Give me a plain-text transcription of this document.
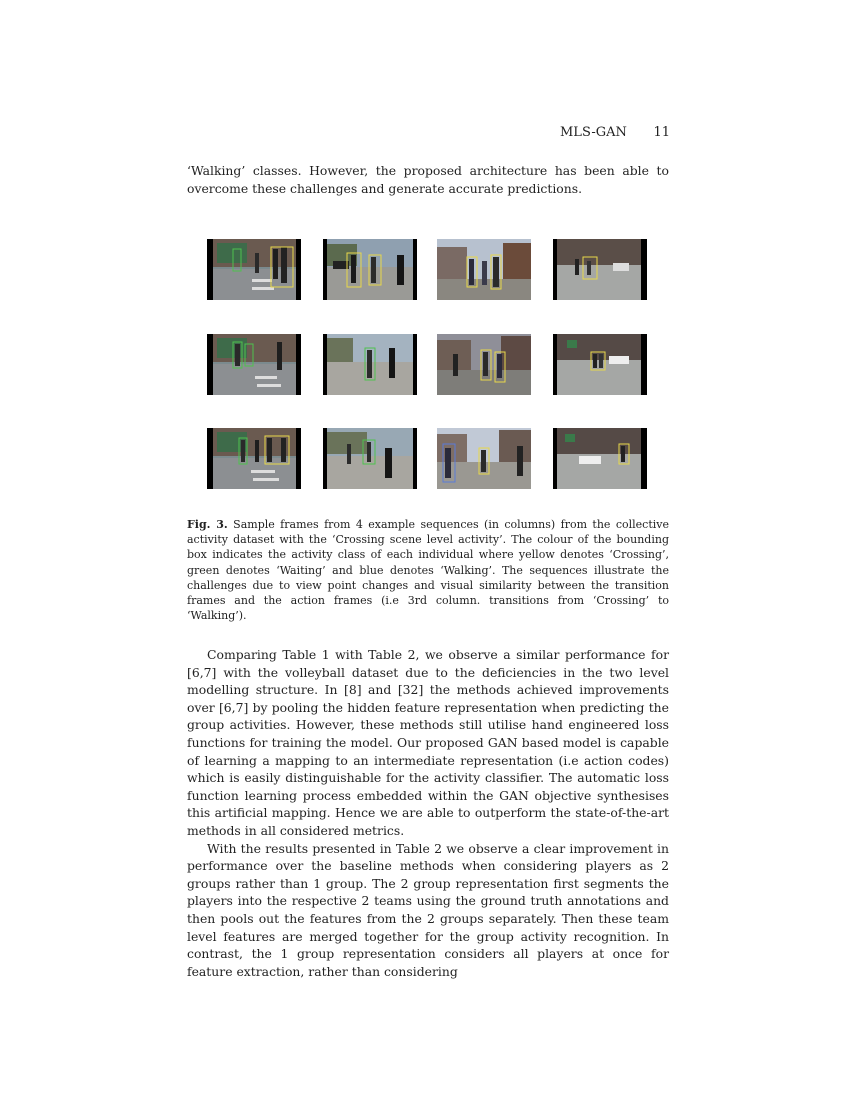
MLS-GAN 11
‘Walking’ classes. However, the proposed architecture has been able to overcome these challenges and generate accurate predictions.
Fig. 3. Sample frames from 4 example sequences (in columns) from the collective activity dataset with the ‘Crossing scene level activity’. The colour of the bounding box indicates the activity class of each individual where yellow denotes ‘Crossing’, green denotes ‘Waiting’ and blue denotes ‘Walking’. The sequences illustrate the challenges due to view point changes and visual similarity between the transition frames and the action frames (i.e 3rd column. transitions from ‘Crossing’ to ‘Walking’).

Comparing Table 1 with Table 2, we observe a similar performance for [6,7] with the volleyball dataset due to the deficiencies in the two level modelling structure. In [8] and [32] the methods achieved improvements over [6,7] by pooling the hidden feature representation when predicting the group activities. However, these methods still utilise hand engineered loss functions for training the model. Our proposed GAN based model is capable of learning a mapping to an intermediate representation (i.e action codes) which is easily distinguishable for the activity classifier. The automatic loss function learning process embedded within the GAN objective synthesises this artificial mapping. Hence we are able to outperform the state-of-the-art methods in all considered metrics.

With the results presented in Table 2 we observe a clear improvement in performance over the baseline methods when considering players as 2 groups rather than 1 group. The 2 group representation first segments the players into the respective 2 teams using the ground truth annotations and then pools out the features from the 2 groups separately. Then these team level features are merged together for the group activity recognition. In contrast, the 1 group representation considers all players at once for feature extraction, rather than considering
